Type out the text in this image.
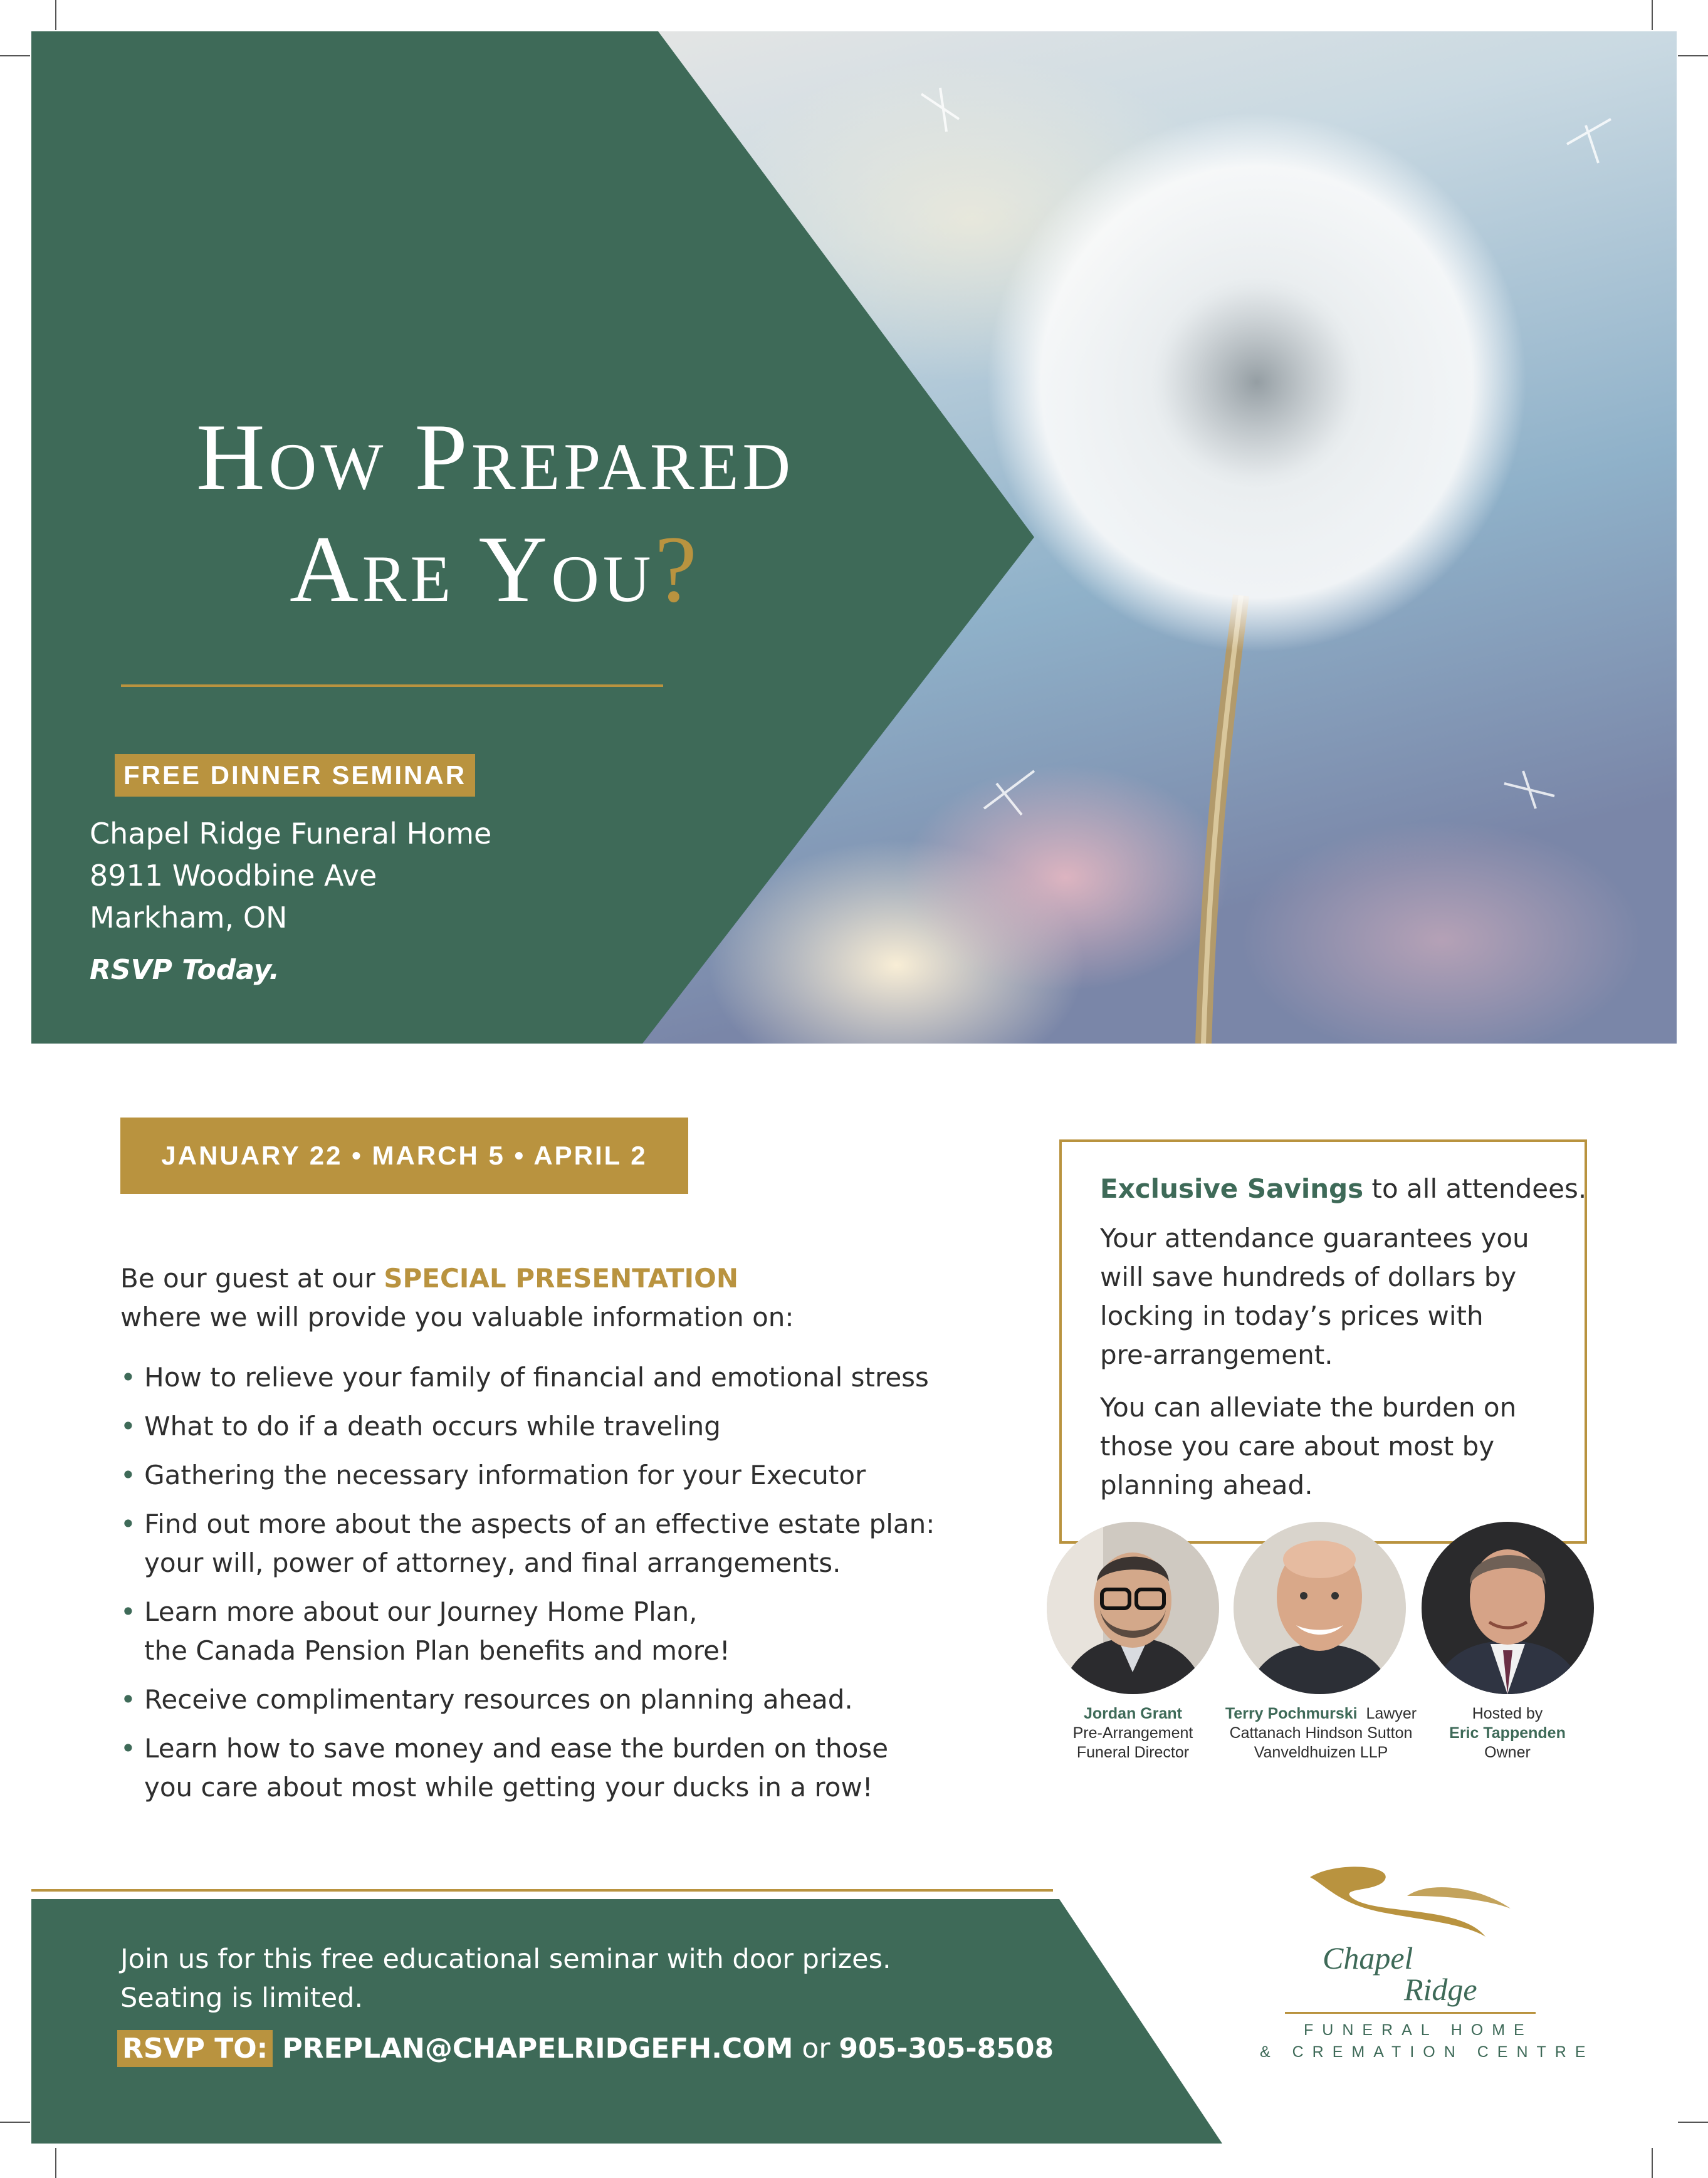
How Prepared
Are You?
FREE DINNER SEMINAR
Chapel Ridge Funeral Home
8911 Woodbine Ave
Markham, ON
RSVP Today.
JANUARY 22 • MARCH 5 • APRIL 2
Be our guest at our SPECIAL PRESENTATION
where we will provide you valuable information on:
• How to relieve your family of financial and emotional stress
• What to do if a death occurs while traveling
• Gathering the necessary information for your Executor
• Find out more about the aspects of an effective estate plan:
your will, power of attorney, and final arrangements.
• Learn more about our Journey Home Plan,
the Canada Pension Plan benefits and more!
• Receive complimentary resources on planning ahead.
• Learn how to save money and ease the burden on those
you care about most while getting your ducks in a row!
Exclusive Savings to all attendees.
Your attendance guarantees you
will save hundreds of dollars by
locking in today’s prices with
pre-arrangement.
You can alleviate the burden on
those you care about most by
planning ahead.
Jordan Grant
Pre-Arrangement
Funeral Director
Terry Pochmurski  Lawyer
Cattanach Hindson Sutton
Vanveldhuizen LLP
Hosted by
Eric Tappenden
Owner
Join us for this free educational seminar with door prizes.
Seating is limited.
RSVP TO: PREPLAN@CHAPELRIDGEFH.COM or 905-305-8508
Chapel
Ridge
FUNERAL HOME
& CREMATION CENTRE
